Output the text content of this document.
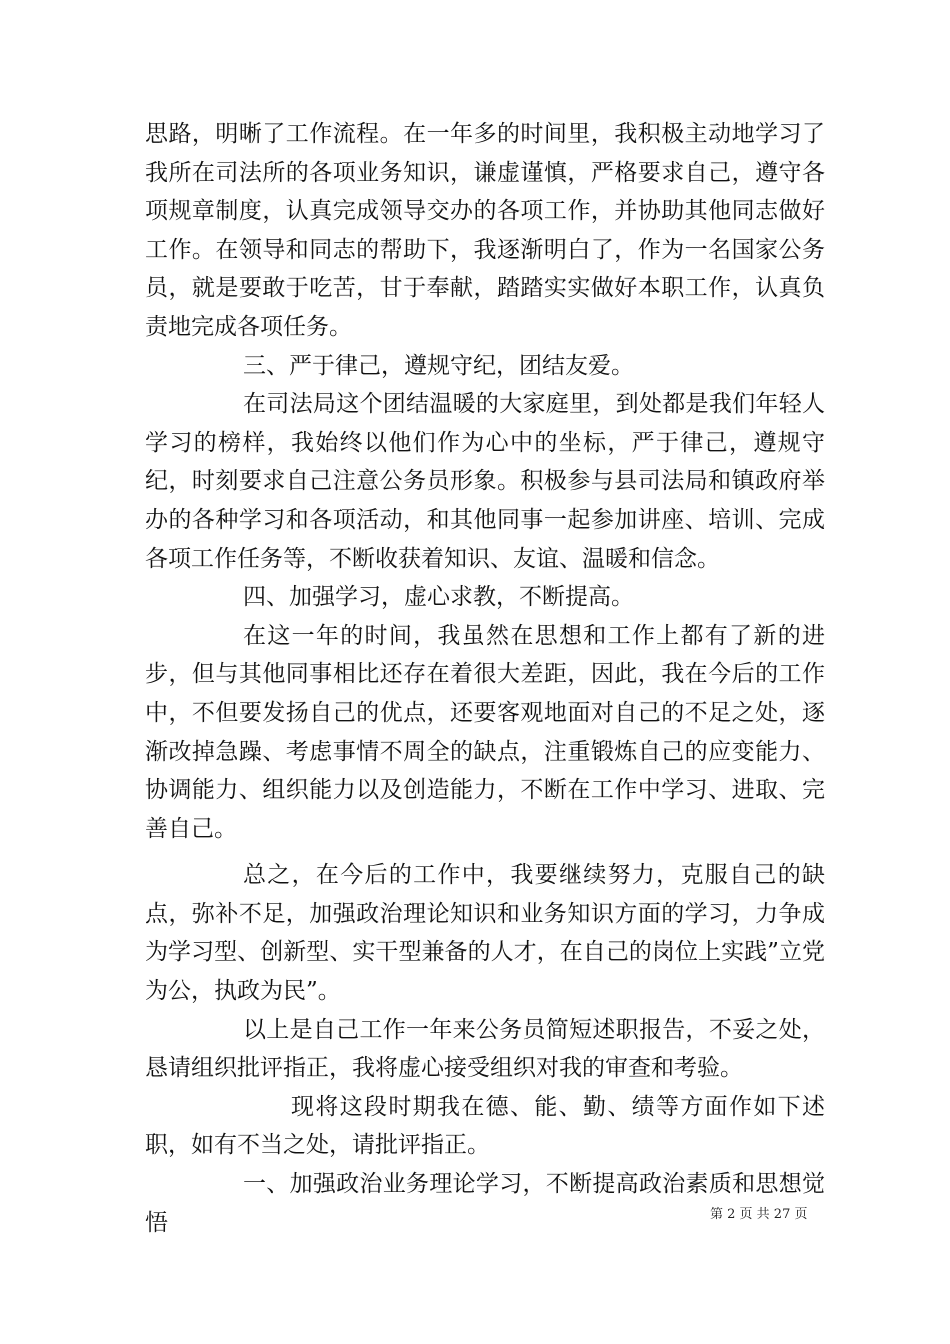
思路，明晰了工作流程。在一年多的时间里，我积极主动地学习了我所在司法所的各项业务知识，谦虚谨慎，严格要求自己，遵守各项规章制度，认真完成领导交办的各项工作，并协助其他同志做好工作。在领导和同志的帮助下，我逐渐明白了，作为一名国家公务员，就是要敢于吃苦，甘于奉献，踏踏实实做好本职工作，认真负责地完成各项任务。

三、严于律己，遵规守纪，团结友爱。

在司法局这个团结温暖的大家庭里，到处都是我们年轻人学习的榜样，我始终以他们作为心中的坐标，严于律己，遵规守纪，时刻要求自己注意公务员形象。积极参与县司法局和镇政府举办的各种学习和各项活动，和其他同事一起参加讲座、培训、完成各项工作任务等，不断收获着知识、友谊、温暖和信念。

四、加强学习，虚心求教，不断提高。

在这一年的时间，我虽然在思想和工作上都有了新的进步，但与其他同事相比还存在着很大差距，因此，我在今后的工作中，不但要发扬自己的优点，还要客观地面对自己的不足之处，逐渐改掉急躁、考虑事情不周全的缺点，注重锻炼自己的应变能力、协调能力、组织能力以及创造能力，不断在工作中学习、进取、完善自己。

总之，在今后的工作中，我要继续努力，克服自己的缺点，弥补不足，加强政治理论知识和业务知识方面的学习，力争成为学习型、创新型、实干型兼备的人才，在自己的岗位上实践”立党为公，执政为民”。

以上是自己工作一年来公务员简短述职报告，不妥之处，恳请组织批评指正，我将虚心接受组织对我的审查和考验。

现将这段时期我在德、能、勤、绩等方面作如下述职，如有不当之处，请批评指正。

一、加强政治业务理论学习，不断提高政治素质和思想觉悟	第 2 页 共 27 页
